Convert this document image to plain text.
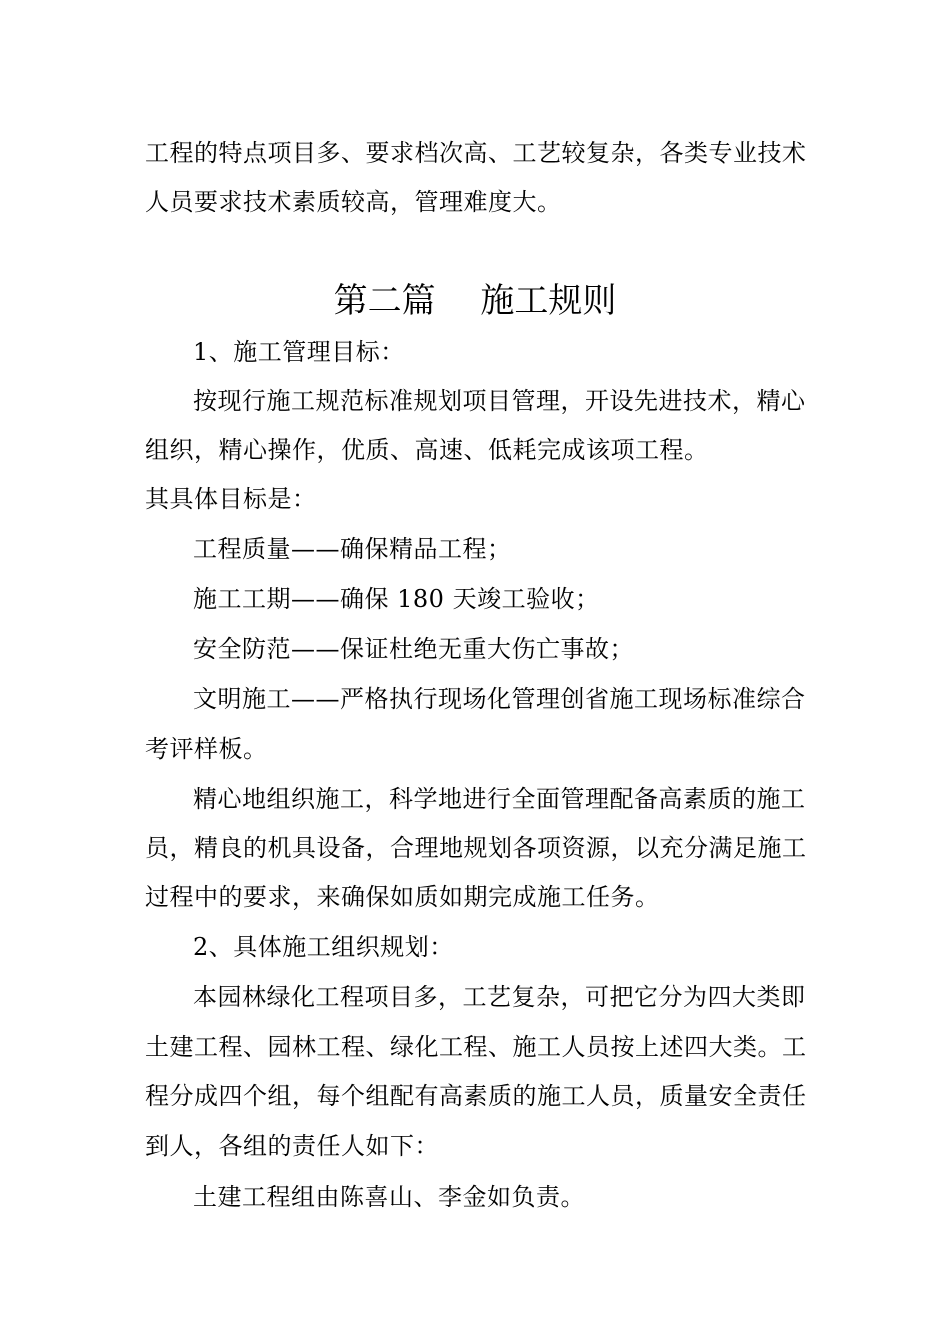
工程的特点项目多、要求档次高、工艺较复杂，各类专业技术
人员要求技术素质较高，管理难度大。
第二篇　 施工规则
1、施工管理目标：
按现行施工规范标准规划项目管理，开设先进技术，精心
组织，精心操作，优质、高速、低耗完成该项工程。
其具体目标是：
工程质量——确保精品工程；
施工工期——确保 180 天竣工验收；
安全防范——保证杜绝无重大伤亡事故；
文明施工——严格执行现场化管理创省施工现场标准综合
考评样板。
精心地组织施工，科学地进行全面管理配备高素质的施工
员，精良的机具设备，合理地规划各项资源，以充分满足施工
过程中的要求，来确保如质如期完成施工任务。
2、具体施工组织规划：
本园林绿化工程项目多，工艺复杂，可把它分为四大类即
土建工程、园林工程、绿化工程、施工人员按上述四大类。工
程分成四个组，每个组配有高素质的施工人员，质量安全责任
到人，各组的责任人如下：
土建工程组由陈喜山、李金如负责。
